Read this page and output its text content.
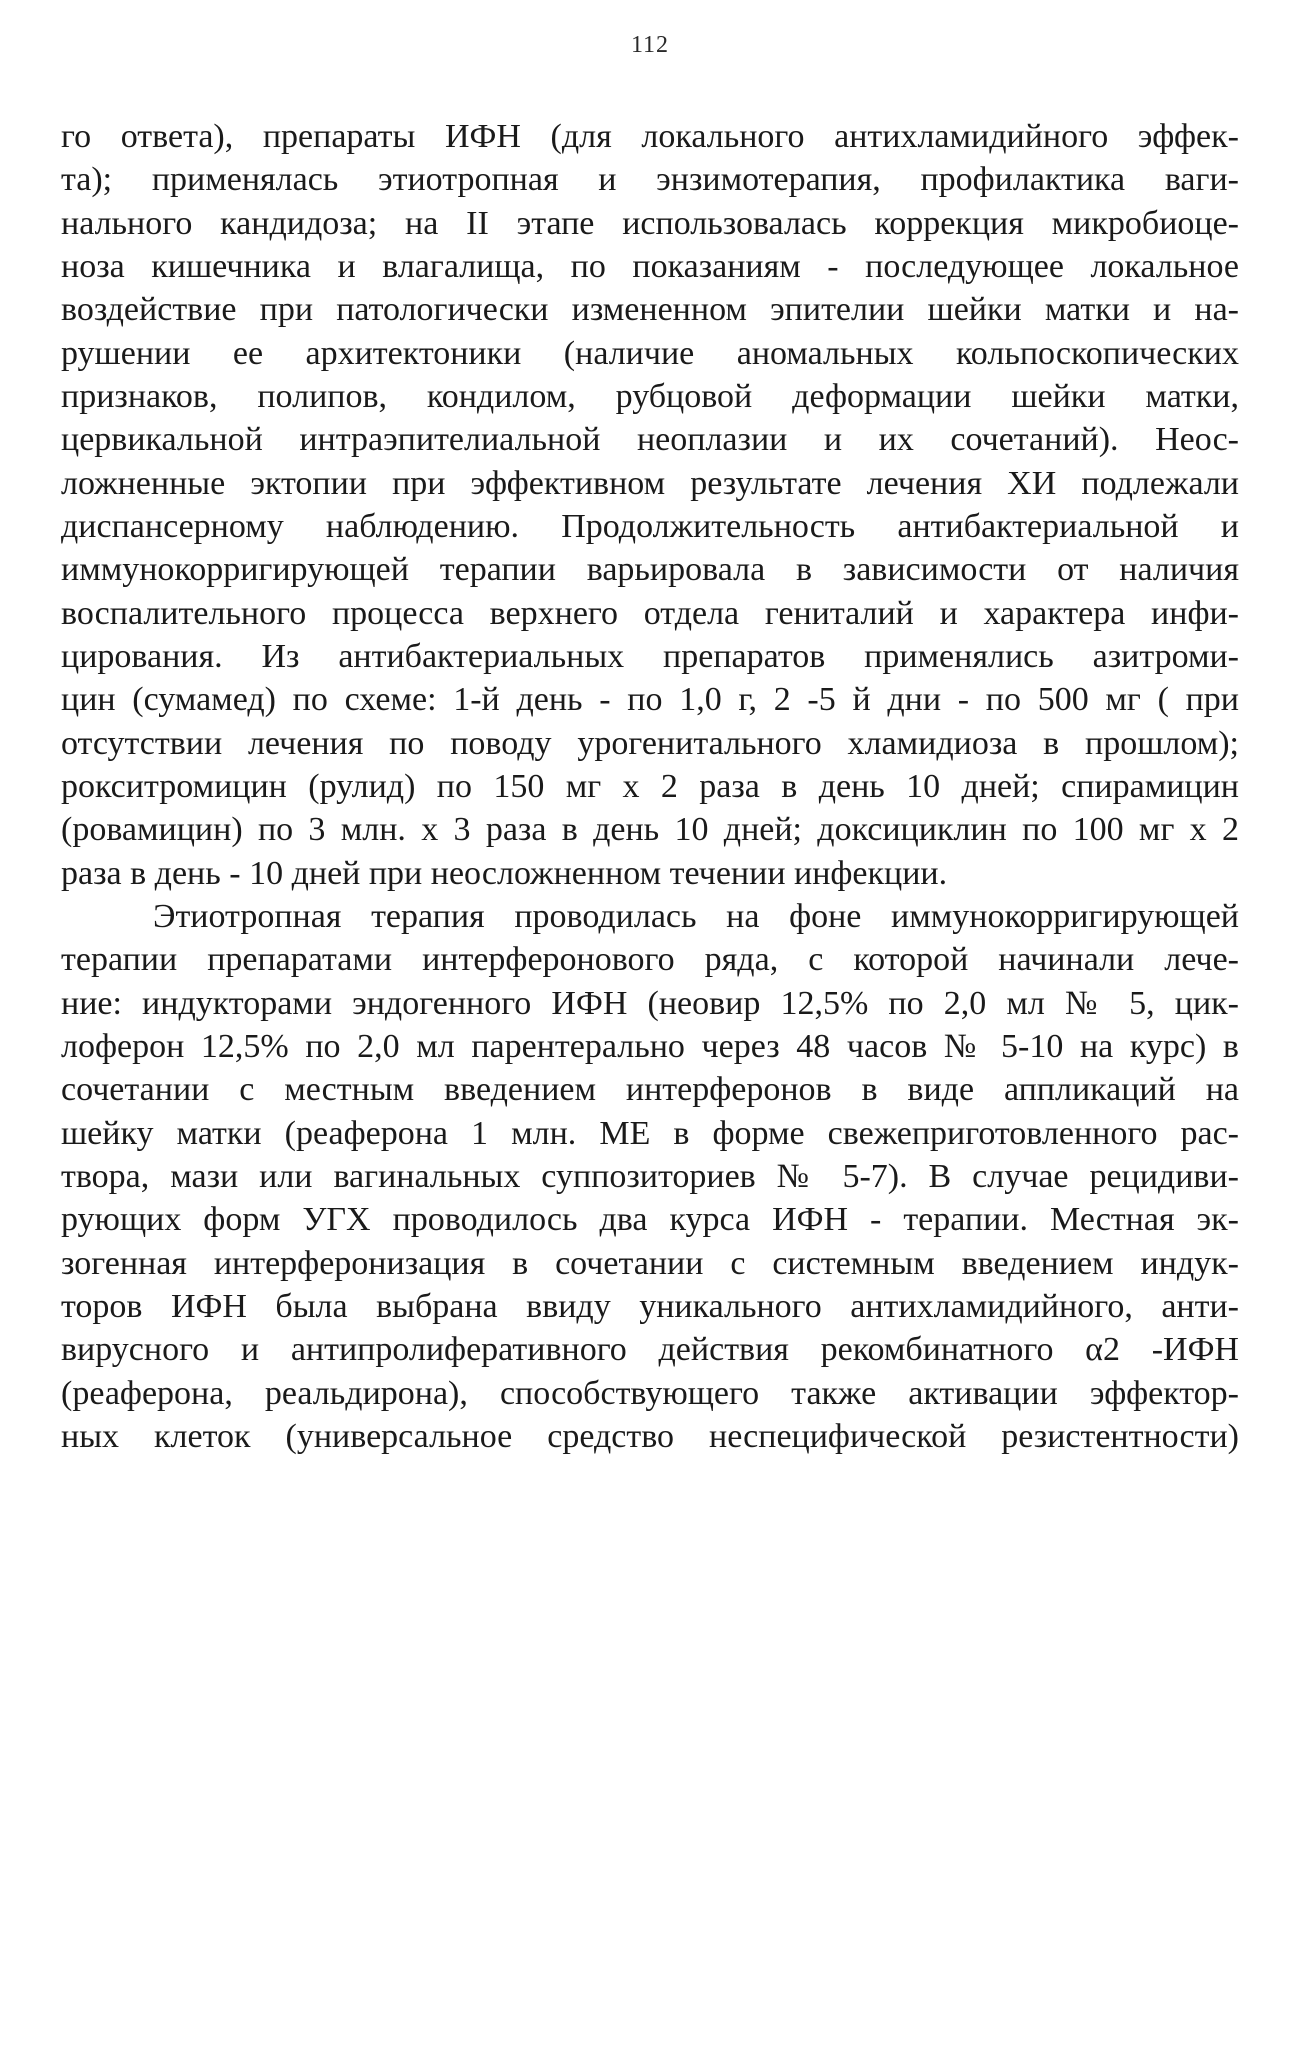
112
го ответа), препараты ИФН (для локального антихламидийного эффек-
та); применялась этиотропная и энзимотерапия, профилактика ваги-
нального кандидоза; на II этапе использовалась коррекция микробиоце-
ноза кишечника и влагалища, по показаниям - последующее локальное
воздействие при патологически измененном эпителии шейки матки и на-
рушении ее архитектоники (наличие аномальных кольпоскопических
признаков, полипов, кондилом, рубцовой деформации шейки матки,
цервикальной интраэпителиальной неоплазии и их сочетаний). Неос-
ложненные эктопии при эффективном результате лечения ХИ подлежали
диспансерному наблюдению. Продолжительность антибактериальной и
иммунокорригирующей терапии варьировала в зависимости от наличия
воспалительного процесса верхнего отдела гениталий и характера инфи-
цирования. Из антибактериальных препаратов применялись азитроми-
цин (сумамед) по схеме: 1-й день - по 1,0 г, 2 -5 й дни - по 500 мг ( при
отсутствии лечения по поводу урогенитального хламидиоза в прошлом);
рокситромицин (рулид) по 150 мг х 2 раза в день 10 дней; спирамицин
(ровамицин) по 3 млн. х 3 раза в день 10 дней; доксициклин по 100 мг х 2
раза в день - 10 дней при неосложненном течении инфекции.
Этиотропная терапия проводилась на фоне иммунокорригирующей
терапии препаратами интерферонового ряда, с которой начинали лече-
ние: индукторами эндогенного ИФН (неовир 12,5% по 2,0 мл № 5, цик-
лоферон 12,5% по 2,0 мл парентерально через 48 часов № 5-10 на курс) в
сочетании с местным введением интерферонов в виде аппликаций на
шейку матки (реаферона 1 млн. МЕ в форме свежеприготовленного рас-
твора, мази или вагинальных суппозиториев № 5-7). В случае рецидиви-
рующих форм УГХ проводилось два курса ИФН - терапии. Местная эк-
зогенная интерферонизация в сочетании с системным введением индук-
торов ИФН была выбрана ввиду уникального антихламидийного, анти-
вирусного и антипролиферативного действия рекомбинатного α2 -ИФН
(реаферона, реальдирона), способствующего также активации эффектор-
ных клеток (универсальное средство неспецифической резистентности)
